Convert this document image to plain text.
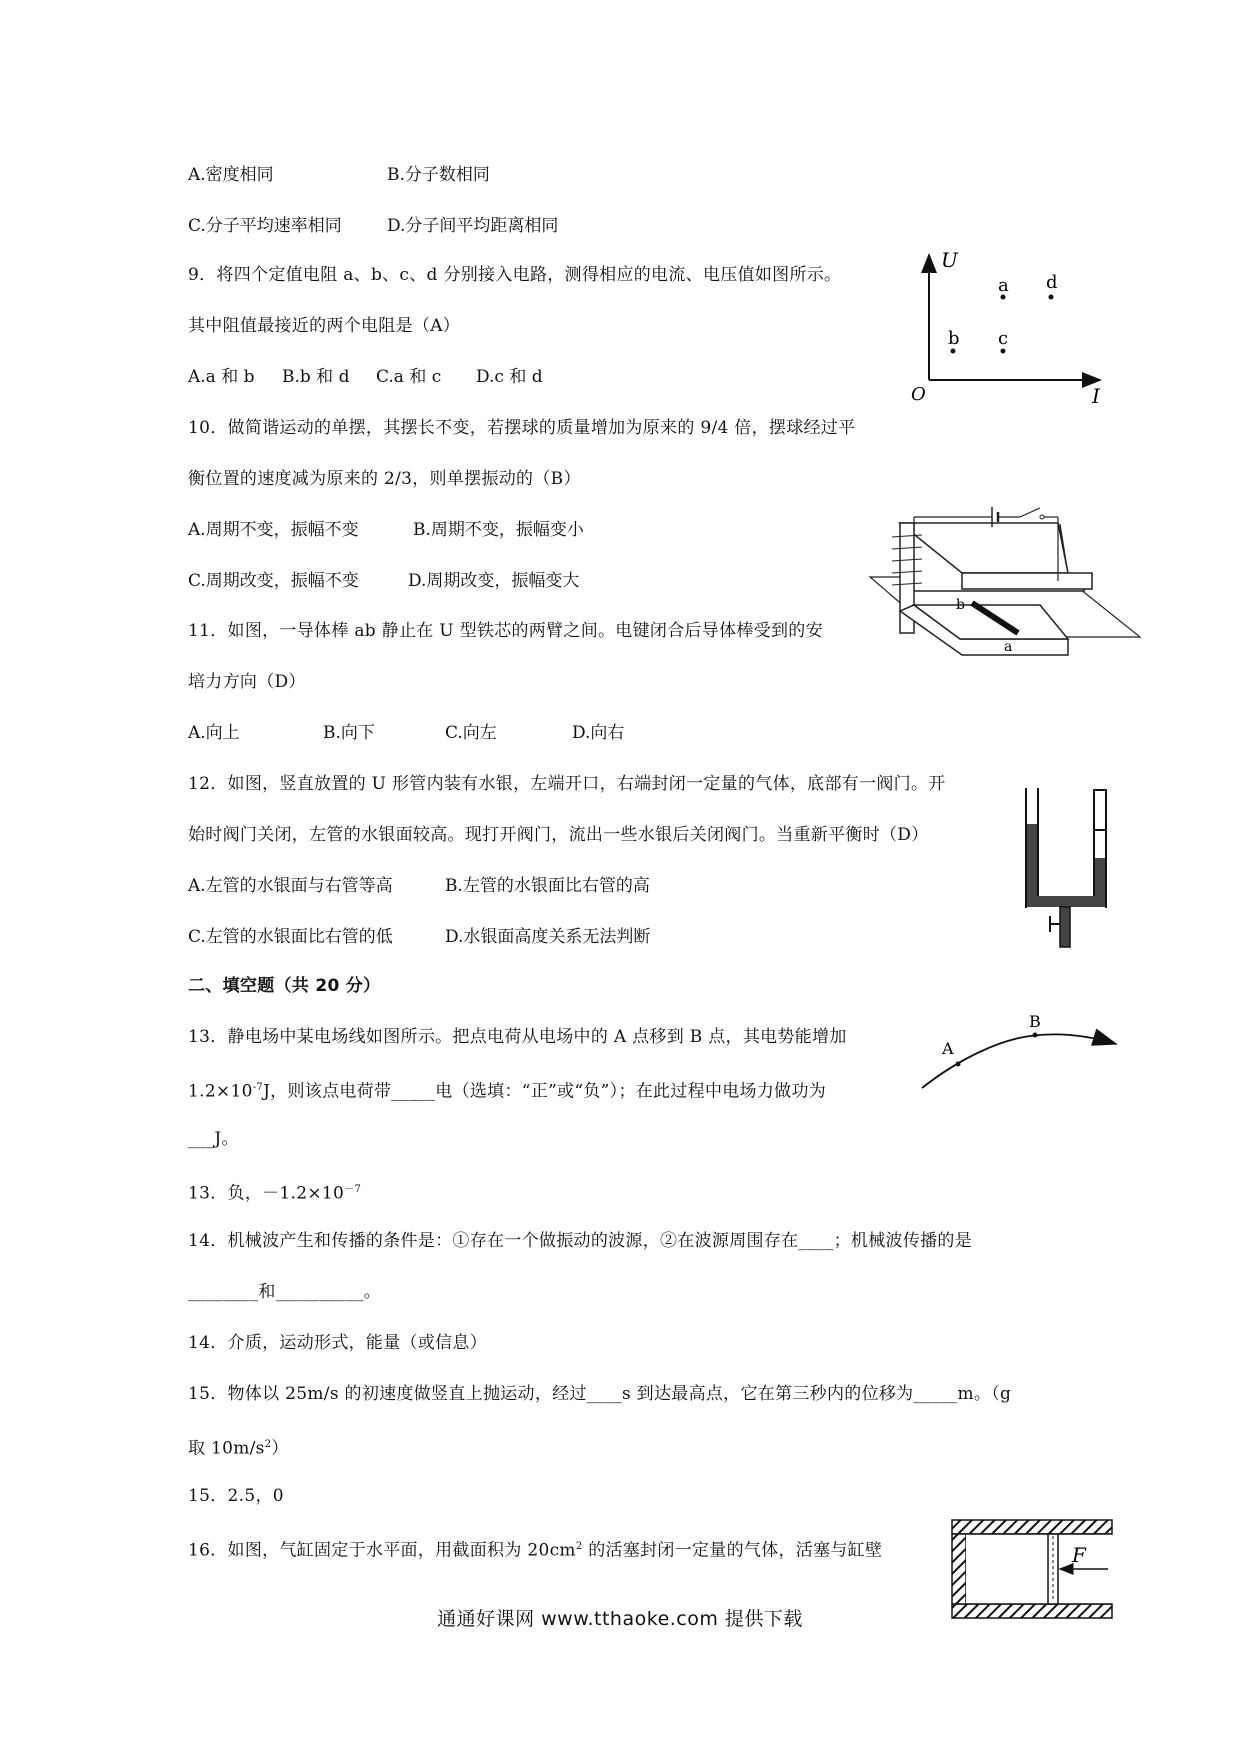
A.密度相同	B.分子数相同
C.分子平均速率相同	D.分子间平均距离相同
9．将四个定值电阻 a、b、c、d 分别接入电路，测得相应的电流、电压值如图所示。
其中阻值最接近的两个电阻是（A）
A.a 和 b B.b 和 d C.a 和 c D.c 和 d
U
I
O
a d
b c
10．做简谐运动的单摆，其摆长不变，若摆球的质量增加为原来的 9/4 倍，摆球经过平
衡位置的速度减为原来的 2/3，则单摆振动的（B）
A.周期不变，振幅不变	B.周期不变，振幅变小
C.周期改变，振幅不变	D.周期改变，振幅变大
b
a
11．如图，一导体棒 ab 静止在 U 型铁芯的两臂之间。电键闭合后导体棒受到的安
培力方向（D）
A.向上	B.向下	C.向左	D.向右
12．如图，竖直放置的 U 形管内装有水银，左端开口，右端封闭一定量的气体，底部有一阀门。开
始时阀门关闭，左管的水银面较高。现打开阀门，流出一些水银后关闭阀门。当重新平衡时（D）
A.左管的水银面与右管等高	B.左管的水银面比右管的高
C.左管的水银面比右管的低	D.水银面高度关系无法判断
二、填空题（共 20 分）
13．静电场中某电场线如图所示。把点电荷从电场中的 A 点移到 B 点，其电势能增加
$1.2\times 10^{-7}J$，则该点电荷带_____电（选填：“正”或“负”）；在此过程中电场力做功为
___J。
13．负，$-1.2\times 10^{-7}$
A
B
14．机械波产生和传播的条件是：①存在一个做振动的波源，②在波源周围存在____；机械波传播的是
________和__________。
14．介质，运动形式，能量（或信息）
15．物体以 25m/s 的初速度做竖直上抛运动，经过____s 到达最高点，它在第三秒内的位移为_____m。（g
取 $10m/s^2$）
15．2.5，0
16．如图，气缸固定于水平面，用截面积为 $20cm^2$ 的活塞封闭一定量的气体，活塞与缸壁	F
通通好课网 www.tthaoke.com 提供下载
